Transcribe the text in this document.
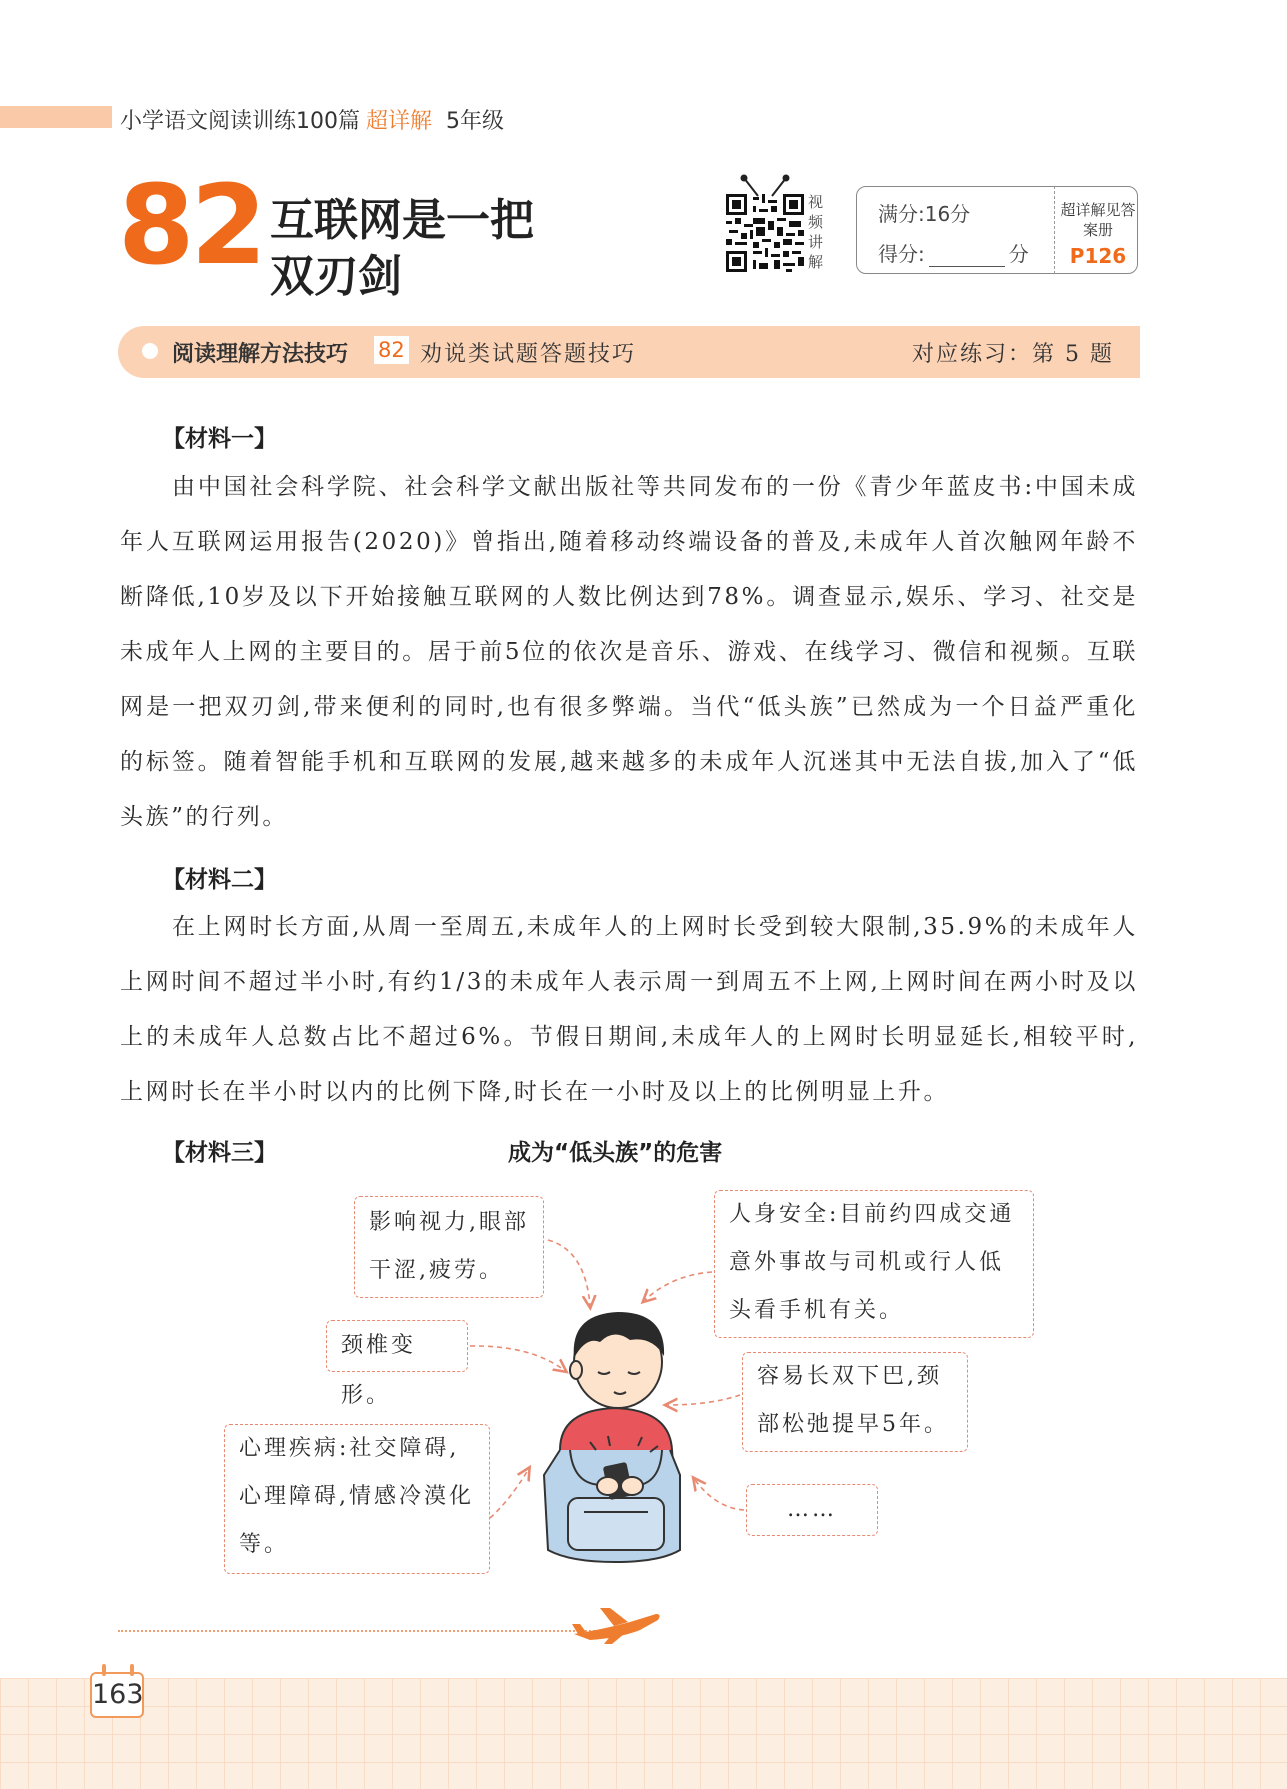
小学语文阅读训练100篇 超详解 5年级
82 互联网是一把
双刃剑
视频讲解
满分:16分
得分:	分
超详解见答案册
P126
阅读理解方法技巧 82 劝说类试题答题技巧	对应练习：第 5 题
【材料一】
由中国社会科学院、社会科学文献出版社等共同发布的一份《青少年蓝皮书:中国未成年人互联网运用报告(2020)》曾指出,随着移动终端设备的普及,未成年人首次触网年龄不断降低,10岁及以下开始接触互联网的人数比例达到78%。调查显示,娱乐、学习、社交是未成年人上网的主要目的。居于前5位的依次是音乐、游戏、在线学习、微信和视频。互联网是一把双刃剑,带来便利的同时,也有很多弊端。当代“低头族”已然成为一个日益严重化的标签。随着智能手机和互联网的发展,越来越多的未成年人沉迷其中无法自拔,加入了“低头族”的行列。
【材料二】
在上网时长方面,从周一至周五,未成年人的上网时长受到较大限制,35.9%的未成年人上网时间不超过半小时,有约1/3的未成年人表示周一到周五不上网,上网时间在两小时及以上的未成年人总数占比不超过6%。节假日期间,未成年人的上网时长明显延长,相较平时,上网时长在半小时以内的比例下降,时长在一小时及以上的比例明显上升。
【材料三】	成为“低头族”的危害
影响视力,眼部干涩,疲劳。
人身安全:目前约四成交通意外事故与司机或行人低头看手机有关。
颈椎变形。
容易长双下巴,颈部松弛提早5年。
心理疾病:社交障碍,心理障碍,情感冷漠化等。
……
163
